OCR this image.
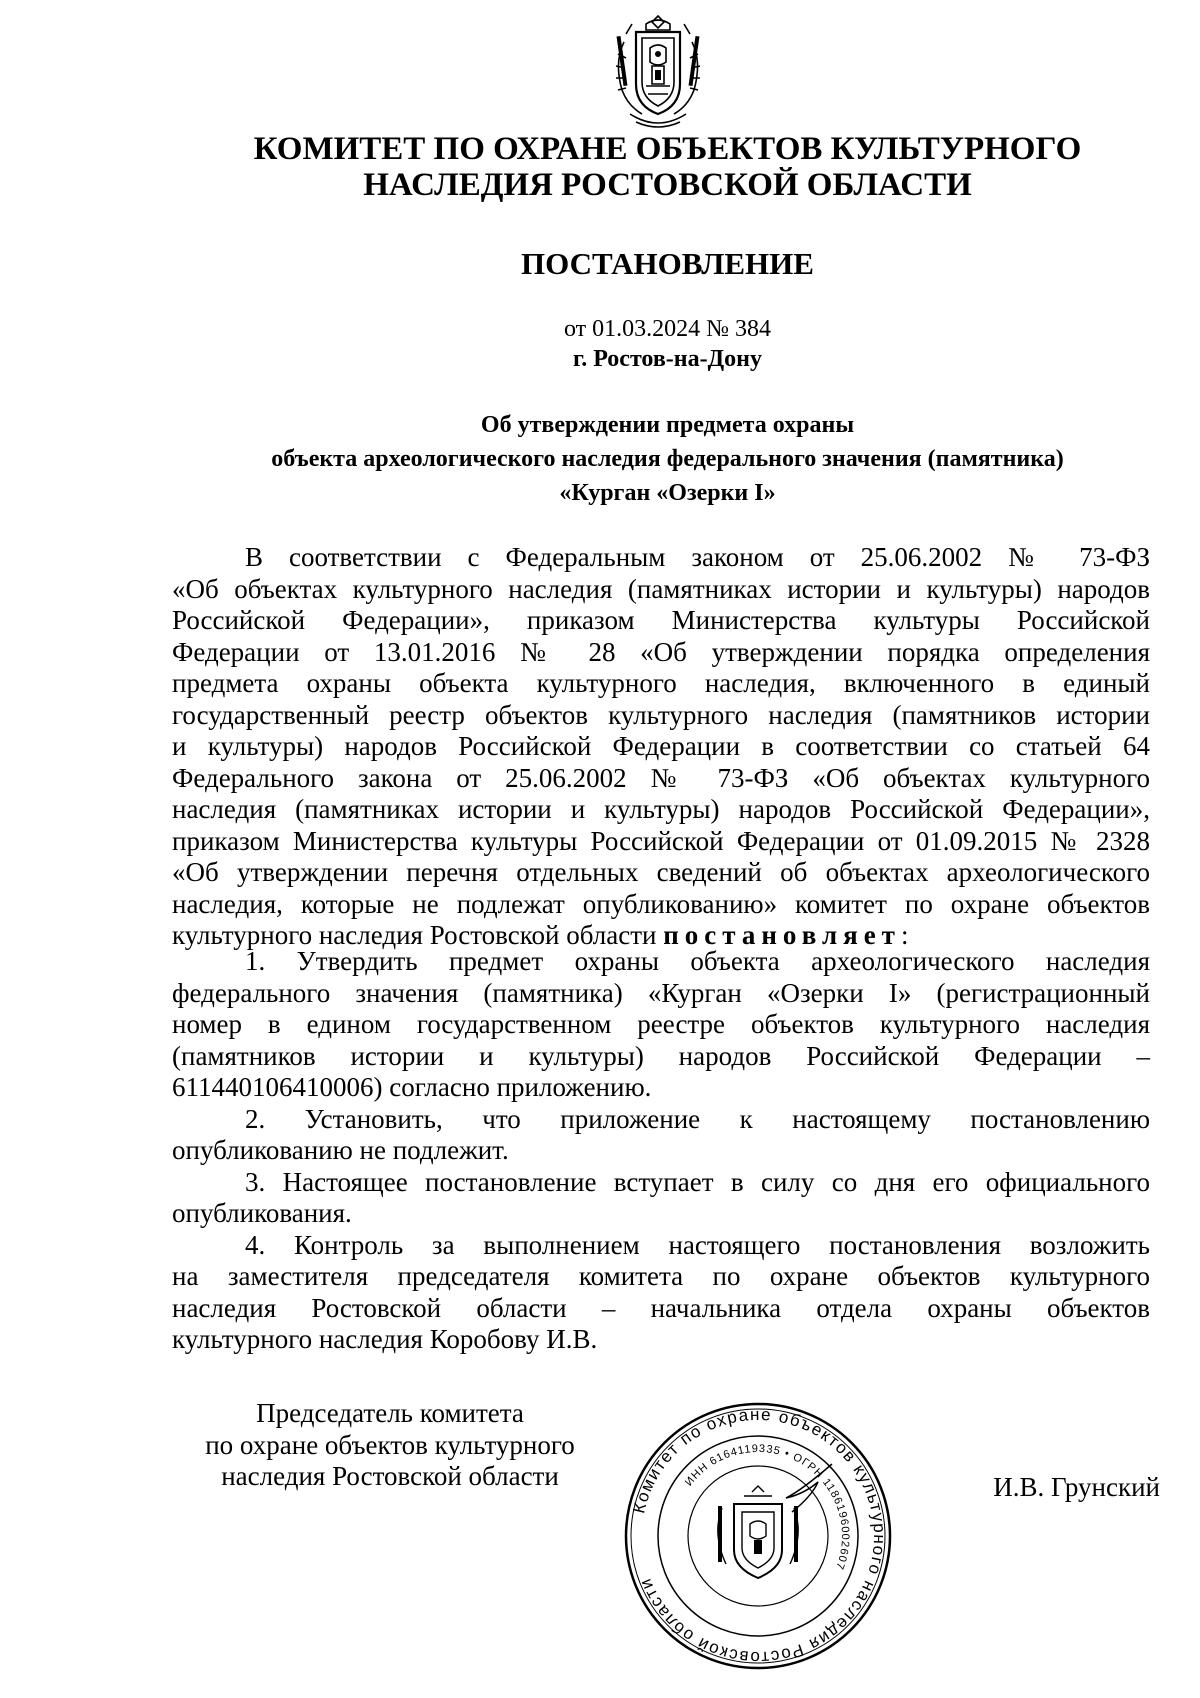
КОМИТЕТ ПО ОХРАНЕ ОБЪЕКТОВ КУЛЬТУРНОГО
НАСЛЕДИЯ РОСТОВСКОЙ ОБЛАСТИ
ПОСТАНОВЛЕНИЕ
от 01.03.2024 № 384
г. Ростов-на-Дону
Об утверждении предмета охраны
объекта археологического наследия федерального значения (памятника)
«Курган «Озерки I»
В соответствии с Федеральным законом от 25.06.2002 № 73-ФЗ
«Об объектах культурного наследия (памятниках истории и культуры) народов
Российской Федерации», приказом Министерства культуры Российской
Федерации от 13.01.2016 № 28 «Об утверждении порядка определения
предмета охраны объекта культурного наследия, включенного в единый
государственный реестр объектов культурного наследия (памятников истории
и культуры) народов Российской Федерации в соответствии со статьей 64
Федерального закона от 25.06.2002 № 73-ФЗ «Об объектах культурного
наследия (памятниках истории и культуры) народов Российской Федерации»,
приказом Министерства культуры Российской Федерации от 01.09.2015 № 2328
«Об утверждении перечня отдельных сведений об объектах археологического
наследия, которые не подлежат опубликованию» комитет по охране объектов
культурного наследия Ростовской области постановляет:
1. Утвердить предмет охраны объекта археологического наследия
федерального значения (памятника) «Курган «Озерки I» (регистрационный
номер в едином государственном реестре объектов культурного наследия
(памятников истории и культуры) народов Российской Федерации –
611440106410006) согласно приложению.
2. Установить, что приложение к настоящему постановлению
опубликованию не подлежит.
3. Настоящее постановление вступает в силу со дня его официального
опубликования.
4. Контроль за выполнением настоящего постановления возложить
на заместителя председателя комитета по охране объектов культурного
наследия Ростовской области – начальника отдела охраны объектов
культурного наследия Коробову И.В.
Председатель комитета
по охране объектов культурного
наследия Ростовской области
Комитет по охране объектов культурного наследия Ростовской области
ИНН 6164119335 • ОГРН 1186196002607
И.В. Грунский
